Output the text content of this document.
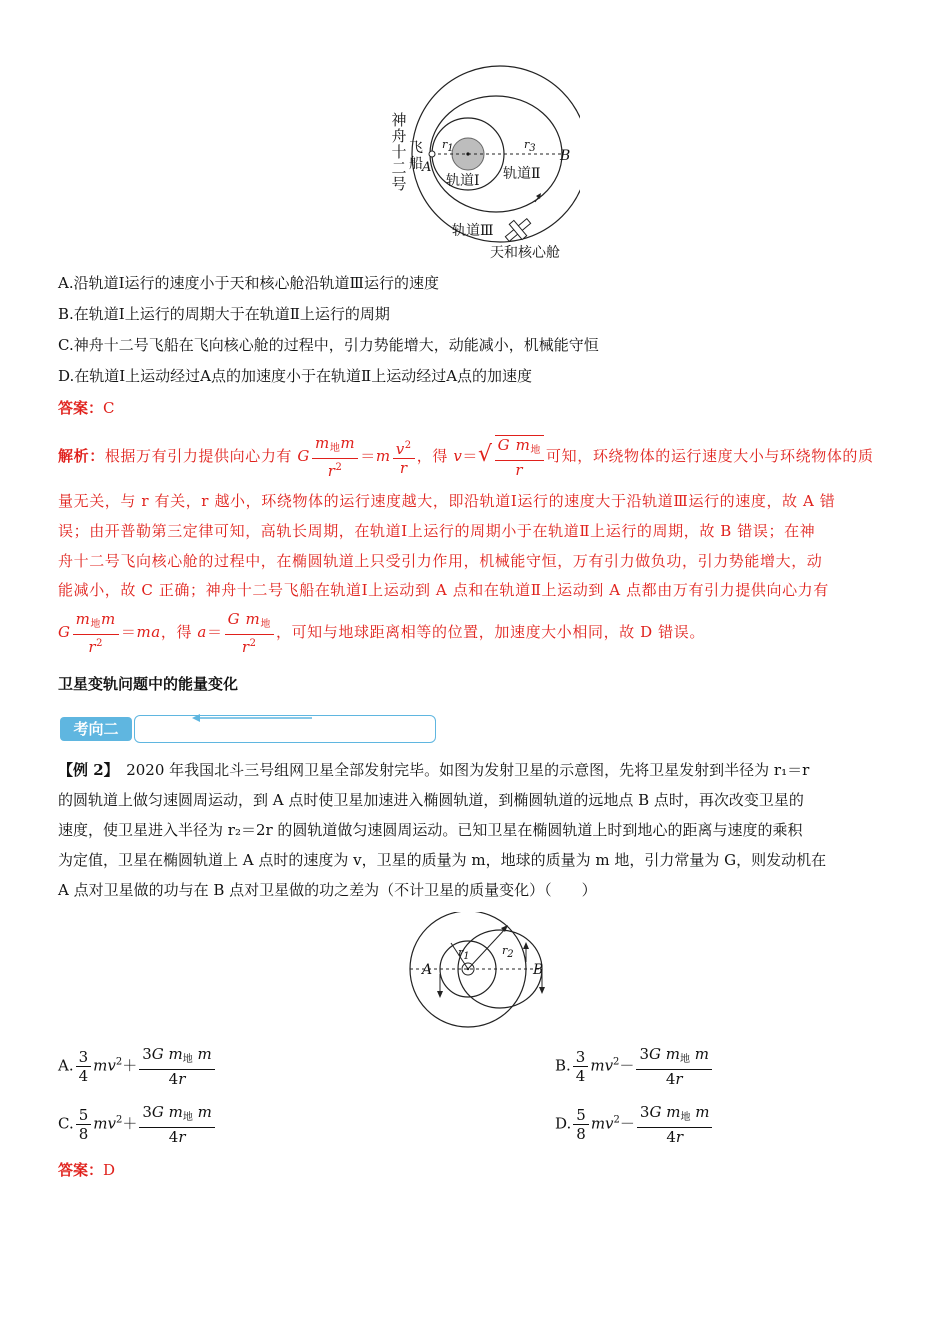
神
舟
十
二
号
飞
船 A
B
r1	r3
轨道Ⅰ 轨道Ⅱ
轨道Ⅲ
天和核心舱
A.沿轨道Ⅰ运行的速度小于天和核心舱沿轨道Ⅲ运行的速度
B.在轨道Ⅰ上运行的周期大于在轨道Ⅱ上运行的周期
C.神舟十二号飞船在飞向核心舱的过程中，引力势能增大，动能减小，机械能守恒
D.在轨道Ⅰ上运动经过A点的加速度小于在轨道Ⅱ上运动经过A点的加速度
答案：C
解析：根据万有引力提供向心力有 G $\frac{m_地m}{r^2} =m \frac{v^2}{r}$ ，得 $v=√ \frac{G m_地}{r}$ 可知，环绕物体的运行速度大小与环绕物体的质
量无关，与 r 有关，r 越小，环绕物体的运行速度越大，即沿轨道Ⅰ运行的速度大于沿轨道Ⅲ运行的速度，故 A 错
误；由开普勒第三定律可知，高轨长周期，在轨道Ⅰ上运行的周期小于在轨道Ⅱ上运行的周期，故 B 错误；在神
舟十二号飞向核心舱的过程中，在椭圆轨道上只受引力作用，机械能守恒，万有引力做负功，引力势能增大，动
能减小，故 C 正确；神舟十二号飞船在轨道Ⅰ上运动到 A 点和在轨道Ⅱ上运动到 A 点都由万有引力提供向心力有
G $\frac{m_地m}{r^2} =ma$，得 $a= \frac{G m_地}{r^2}$ ，可知与地球距离相等的位置，加速度大小相同，故 D 错误。
卫星变轨问题中的能量变化
考向二
【例 2】　 2020 年我国北斗三号组网卫星全部发射完毕。如图为发射卫星的示意图，先将卫星发射到半径为 r₁＝r
的圆轨道上做匀速圆周运动，到 A 点时使卫星加速进入椭圆轨道，到椭圆轨道的远地点 B 点时，再次改变卫星的
速度，使卫星进入半径为 r₂＝2r 的圆轨道做匀速圆周运动。已知卫星在椭圆轨道上时到地心的距离与速度的乘积
为定值，卫星在椭圆轨道上 A 点时的速度为 v，卫星的质量为 m，地球的质量为 m 地，引力常量为 G，则发动机在
A 点对卫星做的功与在 B 点对卫星做的功之差为（不计卫星的质量变化）（　　）
A	B
r1	r2
A. $\frac{3}{4} mv^2+ \frac{3G m_地 m}{4r}$	B. $\frac{3}{4} mv^2- \frac{3G m_地 m}{4r}$
C. $\frac{5}{8} mv^2+ \frac{3G m_地 m}{4r}$	D. $\frac{5}{8} mv^2- \frac{3G m_地 m}{4r}$
答案：D
